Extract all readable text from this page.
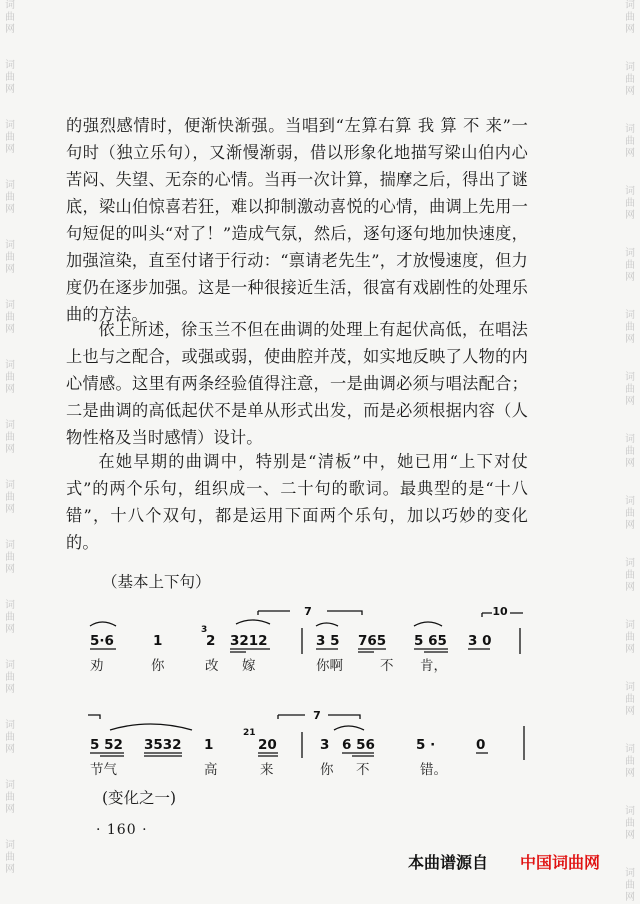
词
曲
网
词
曲
网
词
曲
网
词
曲
网
词
曲
网
词
曲
网
词
曲
网
词
曲
网
词
曲
网
词
曲
网
词
曲
网
词
曲
网
词
曲
网
词
曲
网
词
曲
网
词
曲
网
词
曲
网
词
曲
网
词
曲
网
词
曲
网
词
曲
网
词
曲
网
词
曲
网
词
曲
网
词
曲
网
词
曲
网
词
曲
网
词
曲
网
词
曲
网
词
曲
网

的强烈感情时，便渐快渐强。当唱到“左算右算 我 算 不 来”一句时（独立乐句），又渐慢渐弱，借以形象化地描写梁山伯内心苦闷、失望、无奈的心情。当再一次计算，揣摩之后，得出了谜底，梁山伯惊喜若狂，难以抑制激动喜悦的心情，曲调上先用一句短促的叫头“对了！”造成气氛，然后，逐句逐句地加快速度，加强渲染，直至付诸于行动：“禀请老先生”，才放慢速度，但力度仍在逐步加强。这是一种很接近生活，很富有戏剧性的处理乐曲的方法。

依上所述，徐玉兰不但在曲调的处理上有起伏高低，在唱法上也与之配合，或强或弱，使曲腔并茂，如实地反映了人物的内心情感。这里有两条经验值得注意，一是曲调必须与唱法配合；二是曲调的高低起伏不是单从形式出发，而是必须根据内容（人物性格及当时感情）设计。

在她早期的曲调中，特别是“清板”中，她已用“上下对仗式”的两个乐句，组织成一、二十句的歌词。最典型的是“十八错”，十八个双句，都是运用下面两个乐句，加以巧妙的变化的。

（基本上下句）
7	10
5·6	1
3
2 3212	3 5 765 5 65 3 0
劝	你	改 嫁	你啊	不 肯，
7
5 52 3532 1
21
20	3 6 56	5 ·	0
节气	高	来	你 不	错。
(变化之一)
· 160 ·
本曲谱源自 中国词曲网
